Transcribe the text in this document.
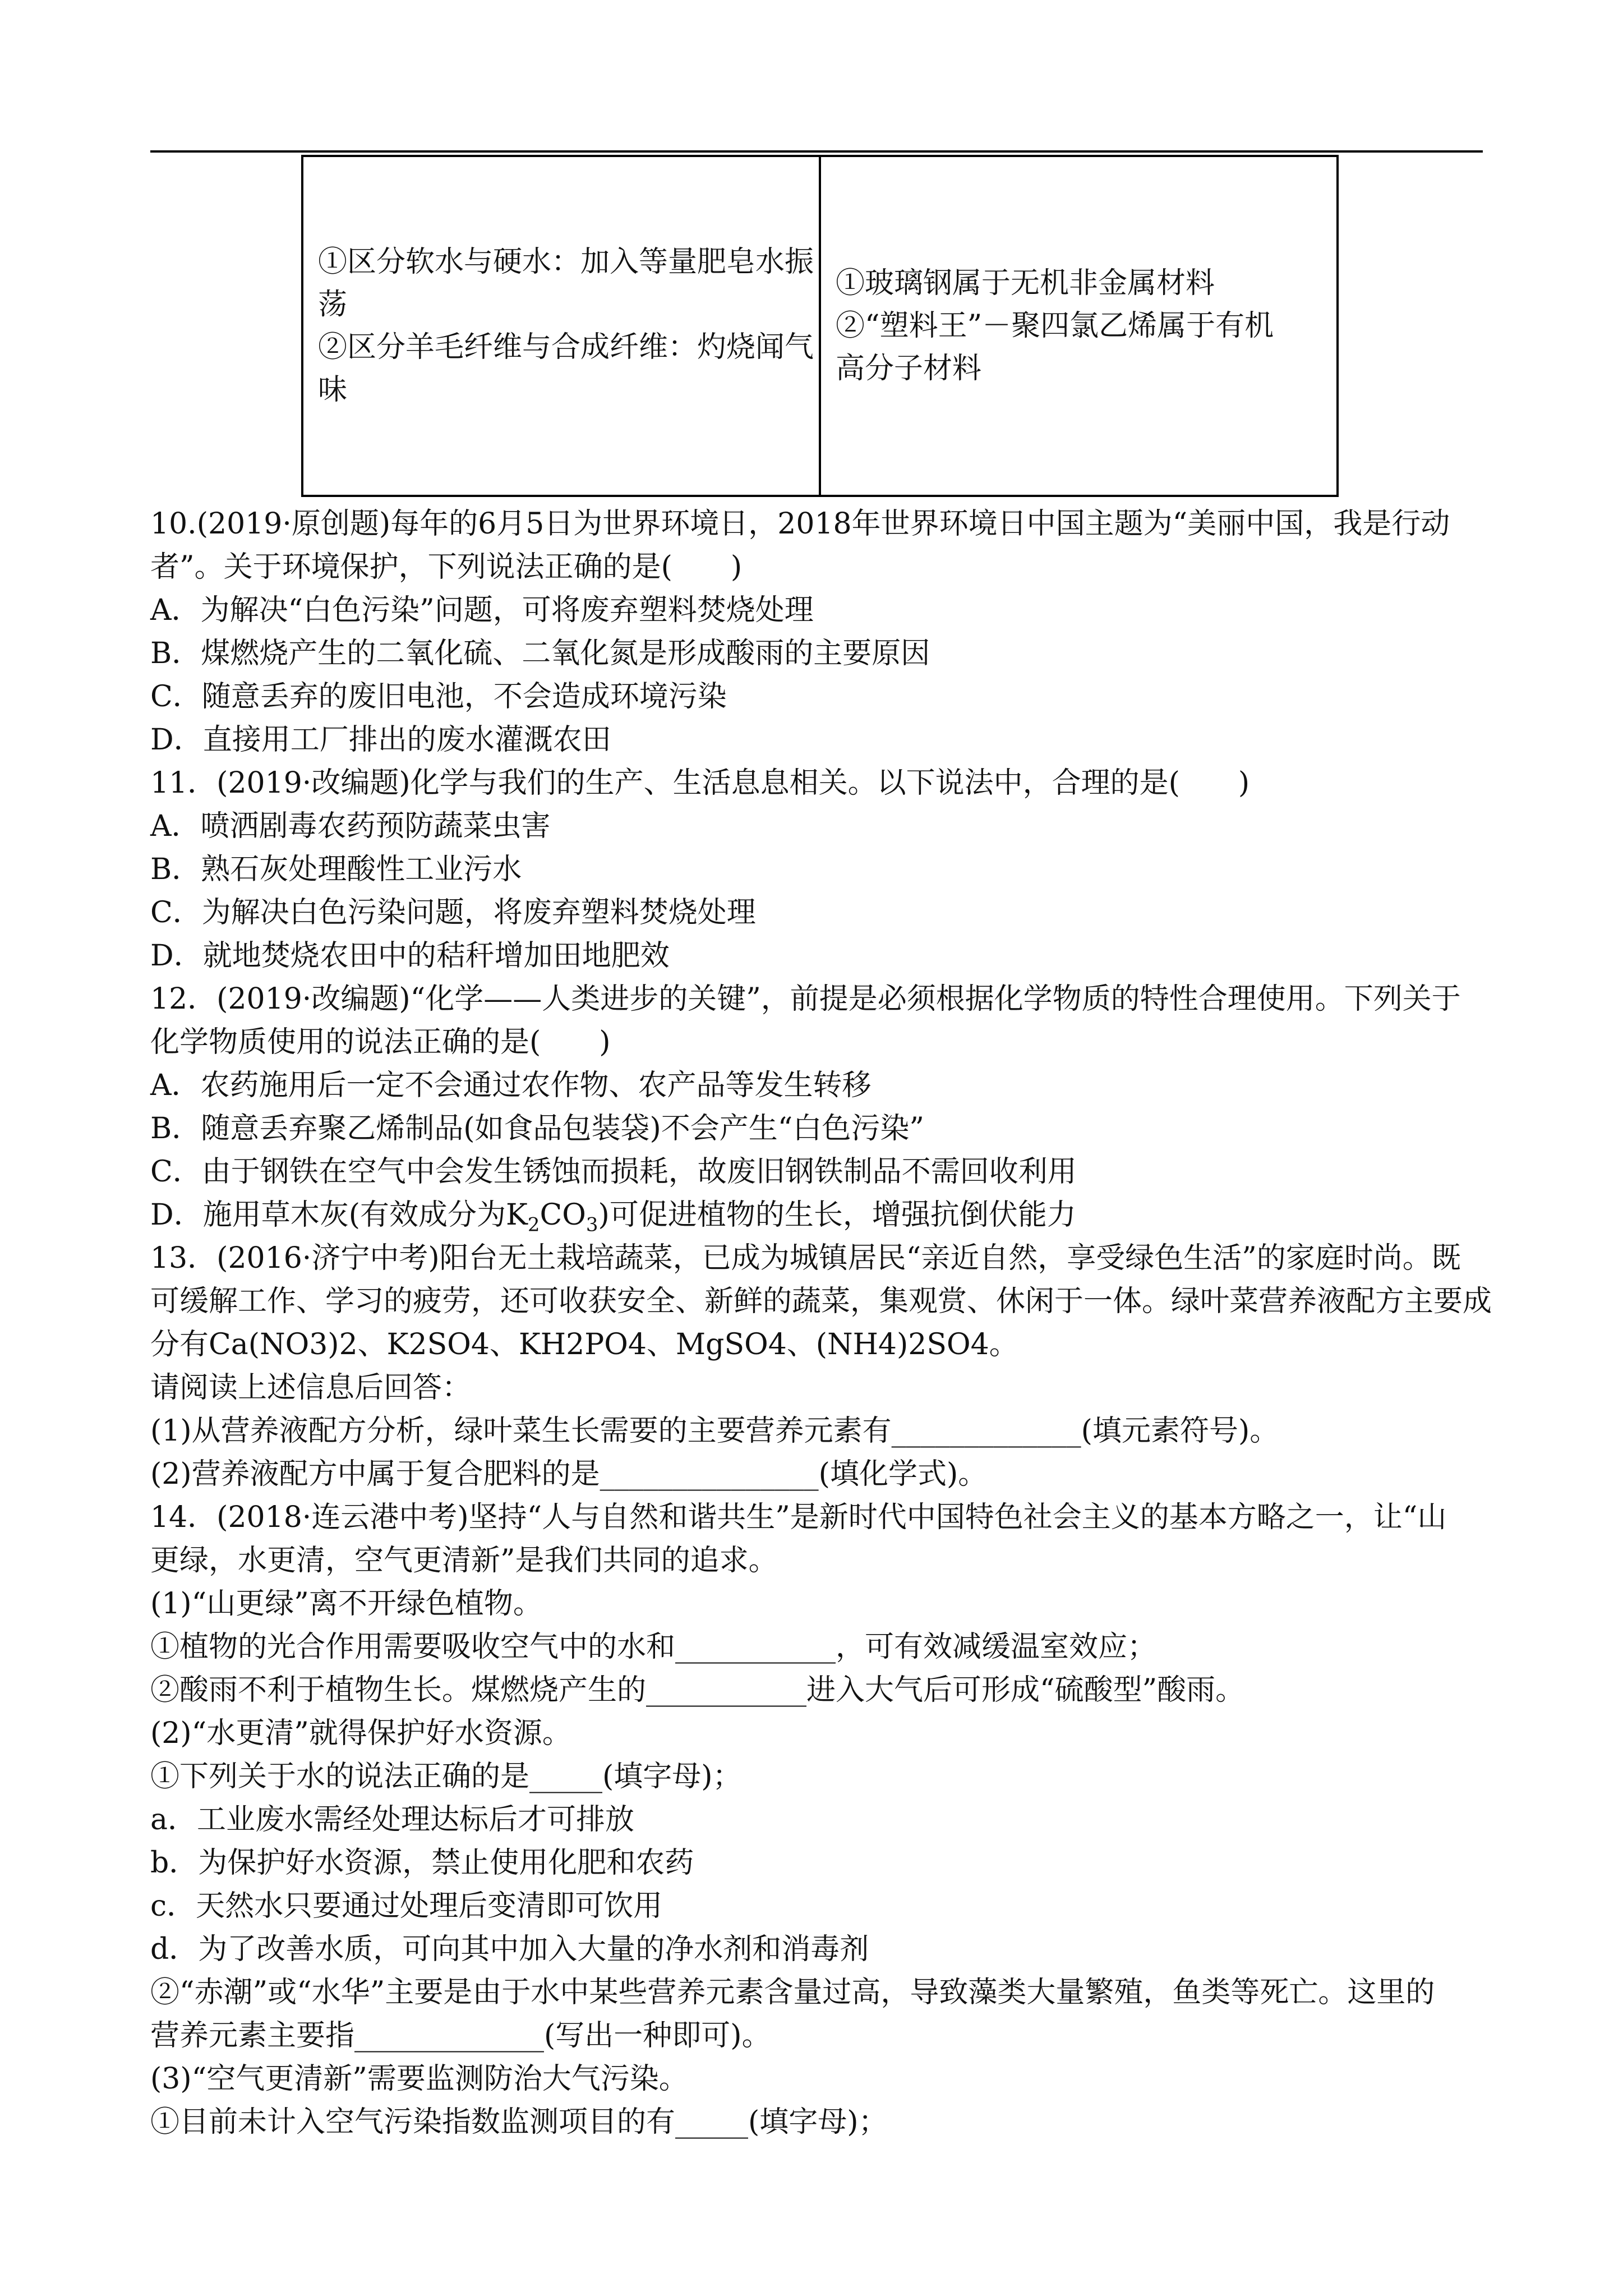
①区分软水与硬水：加入等量肥皂水振
荡
②区分羊毛纤维与合成纤维：灼烧闻气
味
①玻璃钢属于无机非金属材料
②“塑料王”－聚四氯乙烯属于有机
高分子材料
10.(2019·原创题)每年的6月5日为世界环境日，2018年世界环境日中国主题为“美丽中国，我是行动
者”。关于环境保护，下列说法正确的是(　　)
A．为解决“白色污染”问题，可将废弃塑料焚烧处理
B．煤燃烧产生的二氧化硫、二氧化氮是形成酸雨的主要原因
C．随意丢弃的废旧电池，不会造成环境污染
D．直接用工厂排出的废水灌溉农田
11．(2019·改编题)化学与我们的生产、生活息息相关。以下说法中，合理的是(　　)
A．喷洒剧毒农药预防蔬菜虫害
B．熟石灰处理酸性工业污水
C．为解决白色污染问题，将废弃塑料焚烧处理
D．就地焚烧农田中的秸秆增加田地肥效
12．(2019·改编题)“化学——人类进步的关键”，前提是必须根据化学物质的特性合理使用。下列关于
化学物质使用的说法正确的是(　　)
A．农药施用后一定不会通过农作物、农产品等发生转移
B．随意丢弃聚乙烯制品(如食品包装袋)不会产生“白色污染”
C．由于钢铁在空气中会发生锈蚀而损耗，故废旧钢铁制品不需回收利用
D．施用草木灰(有效成分为$K_2CO_3$)可促进植物的生长，增强抗倒伏能力
13．(2016·济宁中考)阳台无土栽培蔬菜，已成为城镇居民“亲近自然，享受绿色生活”的家庭时尚。既
可缓解工作、学习的疲劳，还可收获安全、新鲜的蔬菜，集观赏、休闲于一体。绿叶菜营养液配方主要成
分有Ca(NO3)2、K2SO4、KH2PO4、MgSO4、(NH4)2SO4。
请阅读上述信息后回答：
(1)从营养液配方分析，绿叶菜生长需要的主要营养元素有_____________(填元素符号)。
(2)营养液配方中属于复合肥料的是_______________(填化学式)。
14．(2018·连云港中考)坚持“人与自然和谐共生”是新时代中国特色社会主义的基本方略之一，让“山
更绿，水更清，空气更清新”是我们共同的追求。
(1)“山更绿”离不开绿色植物。
①植物的光合作用需要吸收空气中的水和___________，可有效减缓温室效应；
②酸雨不利于植物生长。煤燃烧产生的___________进入大气后可形成“硫酸型”酸雨。
(2)“水更清”就得保护好水资源。
①下列关于水的说法正确的是_____(填字母)；
a．工业废水需经处理达标后才可排放
b．为保护好水资源，禁止使用化肥和农药
c．天然水只要通过处理后变清即可饮用
d．为了改善水质，可向其中加入大量的净水剂和消毒剂
②“赤潮”或“水华”主要是由于水中某些营养元素含量过高，导致藻类大量繁殖，鱼类等死亡。这里的
营养元素主要指_____________(写出一种即可)。
(3)“空气更清新”需要监测防治大气污染。
①目前未计入空气污染指数监测项目的有_____(填字母)；
